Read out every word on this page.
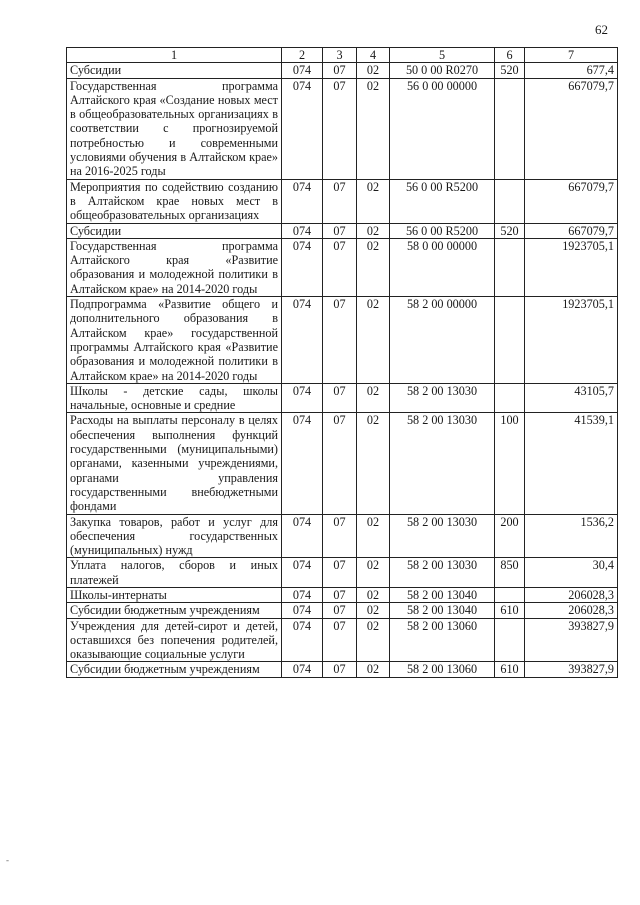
62
1	2	3	4	5	6	7
Субсидии	074	07	02	50 0 00 R0270	520	677,4
Государственная программа Алтайского края «Создание новых мест в общеобразовательных организациях в соответствии с прогнозируемой потребностью и современными условиями обучения в Алтайском крае» на 2016-2025 годы	074	07	02	56 0 00 00000		667079,7
Мероприятия по содействию созданию в Алтайском крае новых мест в общеобразовательных организациях	074	07	02	56 0 00 R5200		667079,7
Субсидии	074	07	02	56 0 00 R5200	520	667079,7
Государственная программа Алтайского края «Развитие образования и молодежной политики в Алтайском крае» на 2014-2020 годы	074	07	02	58 0 00 00000		1923705,1
Подпрограмма «Развитие общего и дополнительного образования в Алтайском крае» государственной программы Алтайского края «Развитие образования и молодежной политики в Алтайском крае» на 2014-2020 годы	074	07	02	58 2 00 00000		1923705,1
Школы - детские сады, школы начальные, основные и средние	074	07	02	58 2 00 13030		43105,7
Расходы на выплаты персоналу в целях обеспечения выполнения функций государственными (муниципальными) органами, казенными учреждениями, органами управления государственными внебюджетными фондами	074	07	02	58 2 00 13030	100	41539,1
Закупка товаров, работ и услуг для обеспечения государственных (муниципальных) нужд	074	07	02	58 2 00 13030	200	1536,2
Уплата налогов, сборов и иных платежей	074	07	02	58 2 00 13030	850	30,4
Школы-интернаты	074	07	02	58 2 00 13040		206028,3
Субсидии бюджетным учреждениям	074	07	02	58 2 00 13040	610	206028,3
Учреждения для детей-сирот и детей, оставшихся без попечения родителей, оказывающие социальные услуги	074	07	02	58 2 00 13060		393827,9
Субсидии бюджетным учреждениям	074	07	02	58 2 00 13060	610	393827,9
-
